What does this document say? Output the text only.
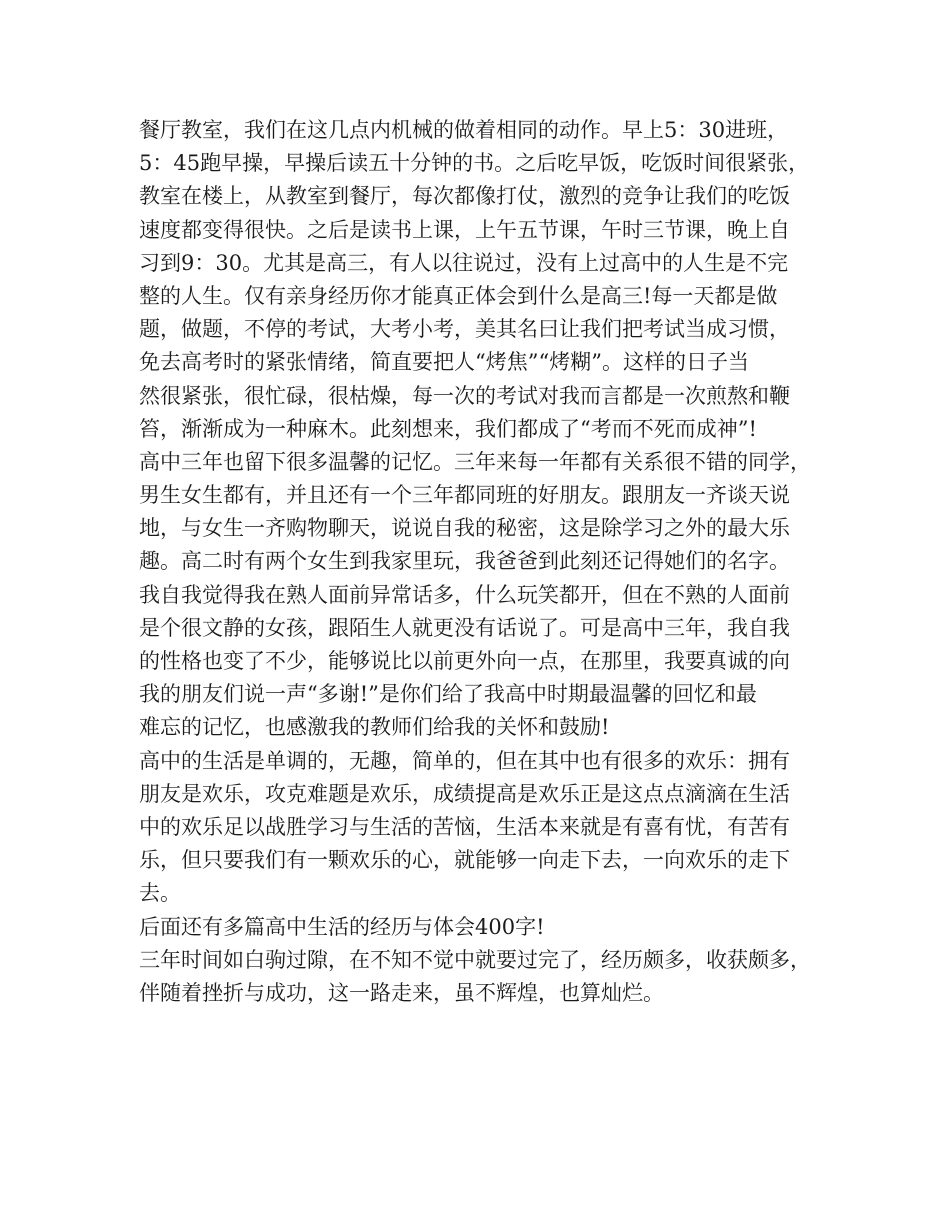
餐厅教室，我们在这几点内机械的做着相同的动作。早上5：30进班，
5：45跑早操，早操后读五十分钟的书。之后吃早饭，吃饭时间很紧张，
教室在楼上，从教室到餐厅，每次都像打仗，激烈的竞争让我们的吃饭
速度都变得很快。之后是读书上课，上午五节课，午时三节课，晚上自
习到9：30。尤其是高三，有人以往说过，没有上过高中的人生是不完
整的人生。仅有亲身经历你才能真正体会到什么是高三!每一天都是做
题，做题，不停的考试，大考小考，美其名曰让我们把考试当成习惯，
免去高考时的紧张情绪，简直要把人“烤焦”“烤糊”。这样的日子当
然很紧张，很忙碌，很枯燥，每一次的考试对我而言都是一次煎熬和鞭
笞，渐渐成为一种麻木。此刻想来，我们都成了“考而不死而成神”!
高中三年也留下很多温馨的记忆。三年来每一年都有关系很不错的同学，
男生女生都有，并且还有一个三年都同班的好朋友。跟朋友一齐谈天说
地，与女生一齐购物聊天，说说自我的秘密，这是除学习之外的最大乐
趣。高二时有两个女生到我家里玩，我爸爸到此刻还记得她们的名字。
我自我觉得我在熟人面前异常话多，什么玩笑都开，但在不熟的人面前
是个很文静的女孩，跟陌生人就更没有话说了。可是高中三年，我自我
的性格也变了不少，能够说比以前更外向一点，在那里，我要真诚的向
我的朋友们说一声“多谢!”是你们给了我高中时期最温馨的回忆和最
难忘的记忆，也感激我的教师们给我的关怀和鼓励!
高中的生活是单调的，无趣，简单的，但在其中也有很多的欢乐：拥有
朋友是欢乐，攻克难题是欢乐，成绩提高是欢乐正是这点点滴滴在生活
中的欢乐足以战胜学习与生活的苦恼，生活本来就是有喜有忧，有苦有
乐，但只要我们有一颗欢乐的心，就能够一向走下去，一向欢乐的走下
去。
后面还有多篇高中生活的经历与体会400字!
三年时间如白驹过隙，在不知不觉中就要过完了，经历颇多，收获颇多，
伴随着挫折与成功，这一路走来，虽不辉煌，也算灿烂。
